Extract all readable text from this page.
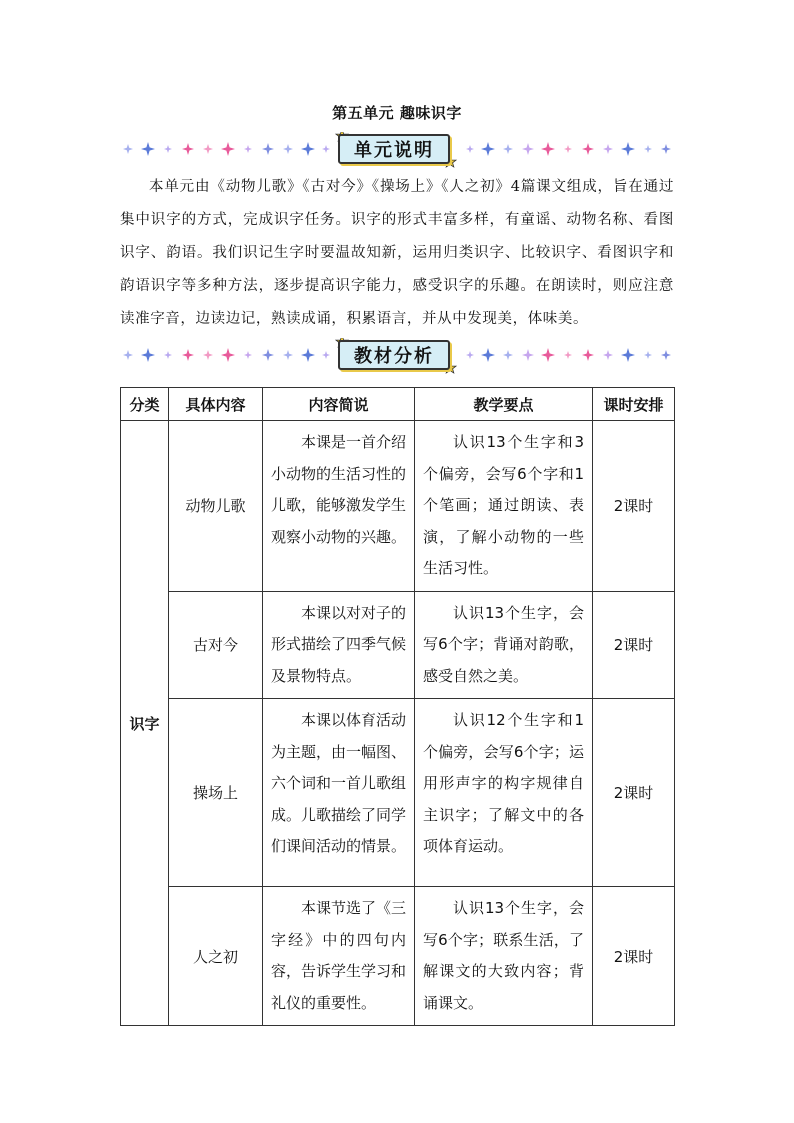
第五单元 趣味识字
单元说明

本单元由《动物儿歌》《古对今》《操场上》《人之初》4篇课文组成，旨在通过集中识字的方式，完成识字任务。识字的形式丰富多样，有童谣、动物名称、看图识字、韵语。我们识记生字时要温故知新，运用归类识字、比较识字、看图识字和韵语识字等多种方法，逐步提高识字能力，感受识字的乐趣。在朗读时，则应注意读准字音，边读边记，熟读成诵，积累语言，并从中发现美，体味美。

教材分析
分类	具体内容	内容简说	教学要点	课时安排
识字	动物儿歌	本课是一首介绍小动物的生活习性的儿歌，能够激发学生观察小动物的兴趣。	认识13个生字和3个偏旁，会写6个字和1个笔画；通过朗读、表演，了解小动物的一些生活习性。	2课时
	古对今	本课以对对子的形式描绘了四季气候及景物特点。	认识13个生字，会写6个字；背诵对韵歌，感受自然之美。	2课时
	操场上	本课以体育活动为主题，由一幅图、六个词和一首儿歌组成。儿歌描绘了同学们课间活动的情景。	认识12个生字和1个偏旁，会写6个字；运用形声字的构字规律自主识字；了解文中的各项体育运动。	2课时
	人之初	本课节选了《三字经》中的四句内容，告诉学生学习和礼仪的重要性。	认识13个生字，会写6个字；联系生活，了解课文的大致内容；背诵课文。	2课时
